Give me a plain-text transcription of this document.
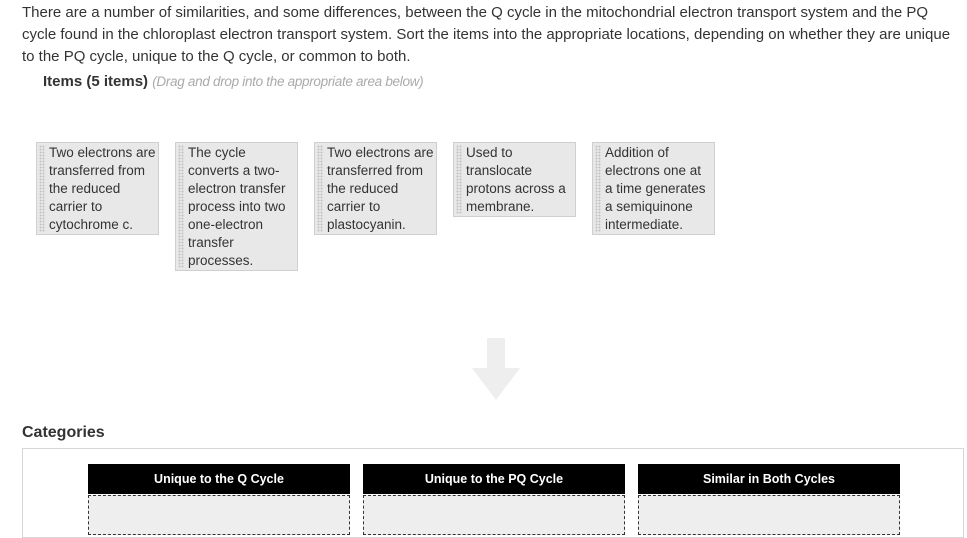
There are a number of similarities, and some differences, between the Q cycle in the mitochondrial electron transport system and the PQ cycle found in the chloroplast electron transport system. Sort the items into the appropriate locations, depending on whether they are unique to the PQ cycle, unique to the Q cycle, or common to both.
Items (5 items) (Drag and drop into the appropriate area below)
Two electrons are transferred from the reduced carrier to cytochrome c.
The cycle converts a two-electron transfer process into two one-electron transfer processes.
Two electrons are transferred from the reduced carrier to plastocyanin.
Used to translocate protons across a membrane.
Addition of electrons one at a time generates a semiquinone intermediate.
Categories
Unique to the Q Cycle	Unique to the PQ Cycle	Similar in Both Cycles
